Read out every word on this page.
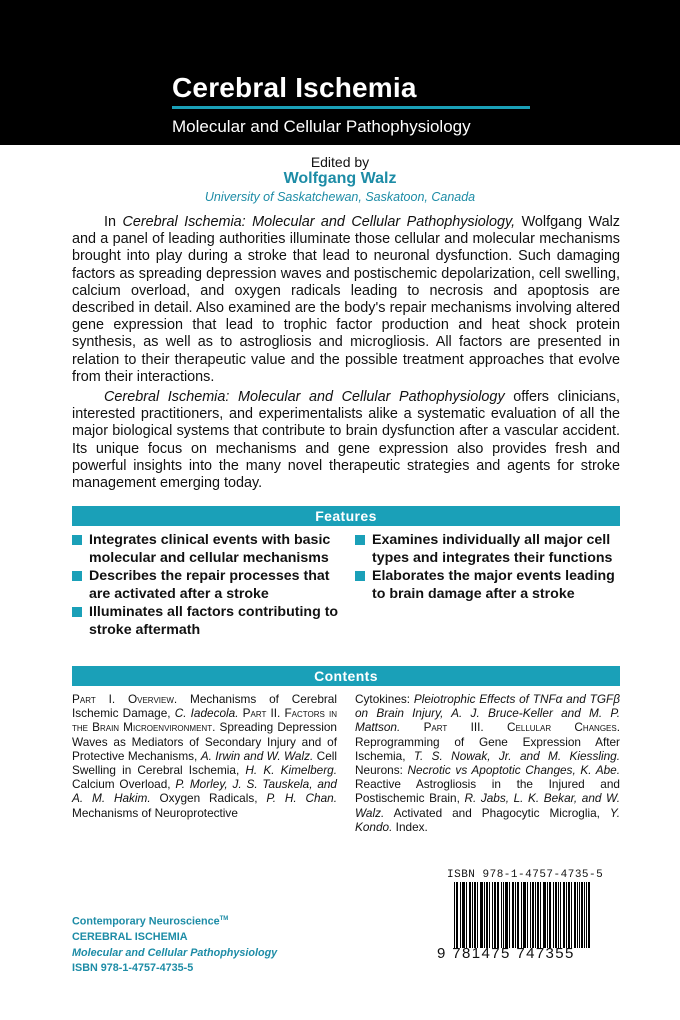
Cerebral Ischemia
Molecular and Cellular Pathophysiology
Edited by
Wolfgang Walz
University of Saskatchewan, Saskatoon, Canada

In Cerebral Ischemia: Molecular and Cellular Pathophysiology, Wolfgang Walz and a panel of leading authorities illuminate those cellular and molecular mechanisms brought into play during a stroke that lead to neuronal dysfunction. Such damaging factors as spreading depression waves and postischemic depolarization, cell swelling, calcium overload, and oxygen radicals leading to necrosis and apoptosis are described in detail. Also examined are the body's repair mechanisms involving altered gene expression that lead to trophic factor production and heat shock protein synthesis, as well as to astrogliosis and microgliosis. All factors are presented in relation to their therapeutic value and the possible treatment approaches that evolve from their interactions.

Cerebral Ischemia: Molecular and Cellular Pathophysiology offers clinicians, interested practitioners, and experimentalists alike a systematic evaluation of all the major biological systems that contribute to brain dysfunction after a vascular accident. Its unique focus on mechanisms and gene expression also provides fresh and powerful insights into the many novel therapeutic strategies and agents for stroke management emerging today.

Features
Integrates clinical events with basic molecular and cellular mechanisms
Describes the repair processes that are activated after a stroke
Illuminates all factors contributing to stroke aftermath
Examines individually all major cell types and integrates their functions
Elaborates the major events leading to brain damage after a stroke
Contents
Part I. Overview. Mechanisms of Cerebral Ischemic Damage, C. Iadecola. Part II. Factors in the Brain Microenvironment. Spreading Depression Waves as Mediators of Secondary Injury and of Protective Mechanisms, A. Irwin and W. Walz. Cell Swelling in Cerebral Ischemia, H. K. Kimelberg. Calcium Overload, P. Morley, J. S. Tauskela, and A. M. Hakim. Oxygen Radicals, P. H. Chan. Mechanisms of Neuroprotective
Cytokines: Pleiotrophic Effects of TNFα and TGFβ on Brain Injury, A. J. Bruce-Keller and M. P. Mattson. Part III. Cellular Changes. Reprogramming of Gene Expression After Ischemia, T. S. Nowak, Jr. and M. Kiessling. Neurons: Necrotic vs Apoptotic Changes, K. Abe. Reactive Astrogliosis in the Injured and Postischemic Brain, R. Jabs, L. K. Bekar, and W. Walz. Activated and Phagocytic Microglia, Y. Kondo. Index.
ISBN 978-1-4757-4735-5
9 781475 747355
Contemporary Neuroscience™
CEREBRAL ISCHEMIA
Molecular and Cellular Pathophysiology
ISBN 978-1-4757-4735-5
